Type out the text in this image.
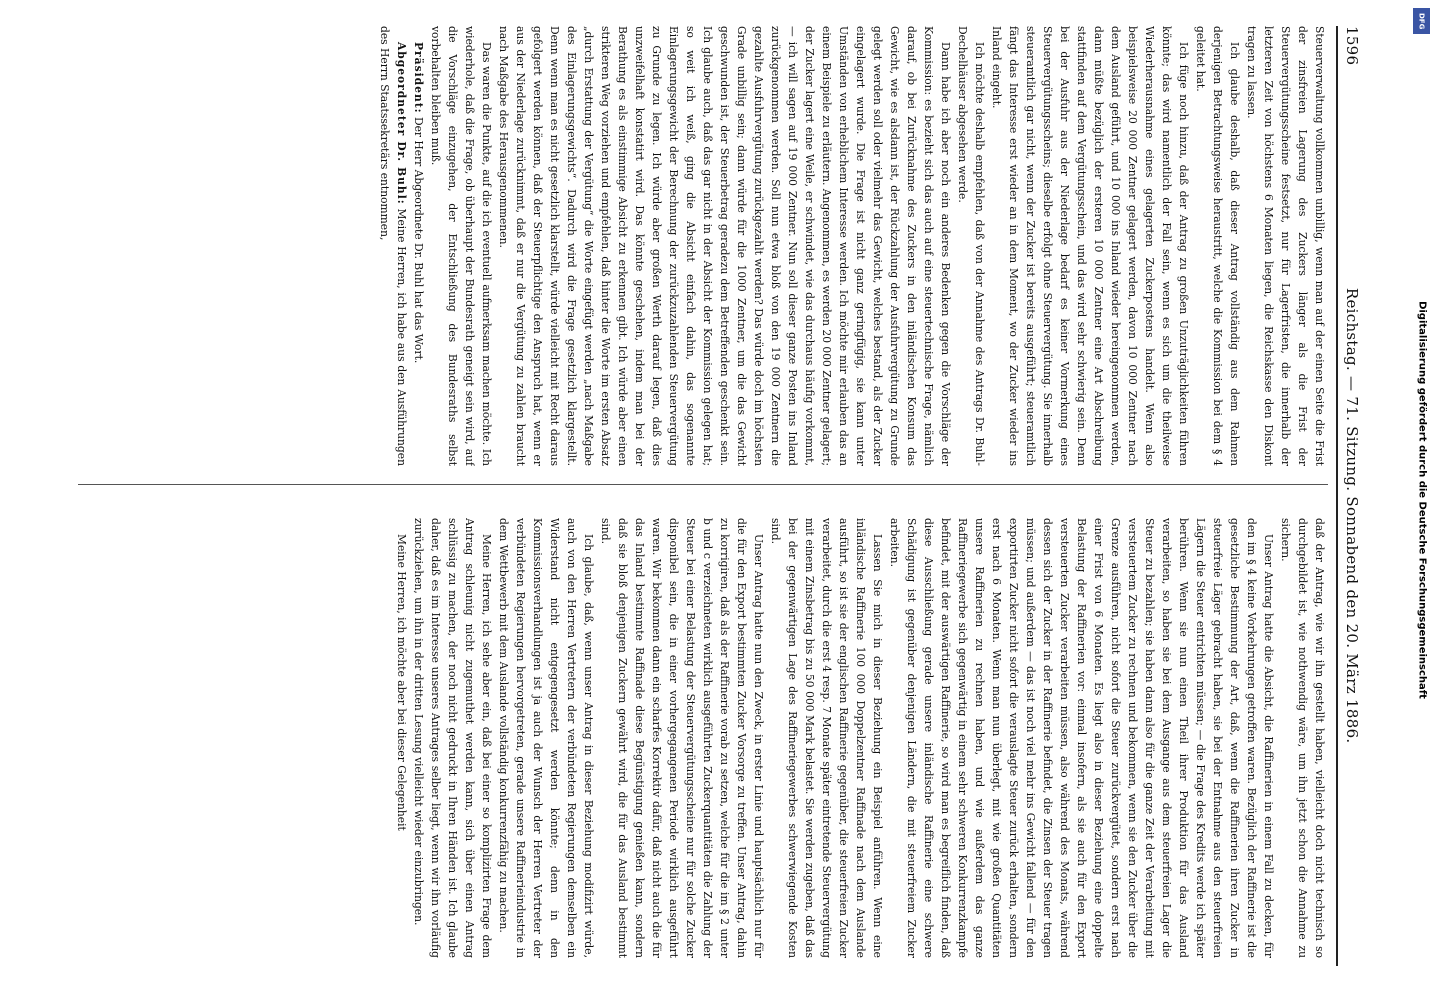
1596
Reichstag. — 71. Sitzung. Sonnabend den 20. März 1886.

Steuerverwaltung vollkommen unbillig, wenn man auf der einen Seite die Frist der zinsfreien Lagerung des Zuckers länger als die Frist der Steuervergütungsscheine festsetzt, nur für Lagerfristen, die innerhalb der letzteren Zeit von höchstens 6 Monaten liegen, die Reichskasse den Diskont tragen zu lassen.

Ich glaube deshalb, daß dieser Antrag vollständig aus dem Rahmen derjenigen Betrachtungsweise heraustritt, welche die Kommission bei dem § 4 geleitet hat.

Ich füge noch hinzu, daß der Antrag zu großen Unzuträglichkeiten führen könnte; das wird namentlich der Fall sein, wenn es sich um die theilweise Wiederherausnahme eines gelagerten Zuckerpostens handelt. Wenn also beispielsweise 20 000 Zentner gelagert werden, davon 10 000 Zentner nach dem Ausland geführt, und 10 000 ins Inland wieder hereingenommen werden, dann müßte bezüglich der ersteren 10 000 Zentner eine Art Abschreibung stattfinden auf dem Vergütungsschein, und das wird sehr schwierig sein. Denn bei der Ausfuhr aus der Niederlage bedarf es keiner Vormerkung eines Steuervergütungsscheins; dieselbe erfolgt ohne Steuervergütung. Sie innerhalb steueramtlich gar nicht, wenn der Zucker ist bereits ausgeführt; steueramtlich fängt das Interesse erst wieder an in dem Moment, wo der Zucker wieder ins Inland eingeht.

Ich möchte deshalb empfehlen, daß von der Annahme des Antrags Dr. Buhl-Dechelhäuser abgesehen werde.

Dann habe ich aber noch ein anderes Bedenken gegen die Vorschläge der Kommission: es bezieht sich das auch auf eine steuertechnische Frage, nämlich darauf, ob bei Zurücknahme des Zuckers in den inländischen Konsum das Gewicht, wie es alsdann ist, der Rückzahlung der Ausfuhrvergütung zu Grunde gelegt werden soll oder vielmehr das Gewicht, welches bestand, als der Zucker eingelagert wurde. Die Frage ist nicht ganz geringfügig, sie kann unter Umständen von erheblichem Interesse werden. Ich möchte mir erlauben das an einem Beispiele zu erläutern. Angenommen, es werden 20 000 Zentner gelagert; der Zucker lagert eine Weile, er schwindet, wie das durchaus häufig vorkommt, — ich will sagen auf 19 000 Zentner. Nun soll dieser ganze Posten ins Inland zurückgenommen werden. Soll nun etwa bloß von den 19 000 Zentnern die gezahlte Ausfuhrvergütung zurückgezahlt werden? Das würde doch im höchsten Grade unbillig sein; dann würde für die 1000 Zentner, um die das Gewicht geschwunden ist, der Steuerbetrag geradezu dem Betreffenden geschenkt sein. Ich glaube auch, daß das gar nicht in der Absicht der Kommission gelegen hat; so weit ich weiß, ging die Absicht einfach dahin, das sogenannte Einlagerungsgewicht der Berechnung der zurückzuzahlenden Steuervergütung zu Grunde zu legen. Ich würde aber großen Werth darauf legen, daß dies unzweifelhaft konstatirt wird. Das könnte geschehen, indem man bei der Berathung es als einstimmige Absicht zu erkennen gibt. Ich würde aber einen strikteren Weg vorziehen und empfehlen, daß hinter die Worte im ersten Absatz „durch Erstattung der Vergütung“ die Worte eingefügt werden „nach Maßgabe des Einlagerungsgewichts“. Dadurch wird die Frage gesetzlich klargestellt. Denn wenn man es nicht gesetzlich klarstellt, würde vielleicht mit Recht daraus gefolgert werden können, daß der Steuerpflichtige den Anspruch hat, wenn er aus der Niederlage zurücknimmt, daß er nur die Vergütung zu zahlen braucht nach Maßgabe des Herausgenommenen.

Das waren die Punkte, auf die ich eventuell aufmerksam machen möchte. Ich wiederhole, daß die Frage, ob überhaupt der Bundesrath geneigt sein wird, auf die Vorschläge einzugehen, der Entschließung des Bundesraths selbst vorbehalten bleiben muß.

Präsident: Der Herr Abgeordnete Dr. Buhl hat das Wort.

Abgeordneter Dr. Buhl: Meine Herren, ich habe aus den Ausführungen des Herrn Staatssekretärs entnommen,

daß der Antrag, wie wir ihn gestellt haben, vielleicht doch nicht technisch so durchgebildet ist, wie nothwendig wäre, um ihn jetzt schon die Annahme zu sichern.

Unser Antrag hatte die Absicht, die Raffinerien in einem Fall zu decken, für den im § 4 keine Vorkehrungen getroffen waren. Bezüglich der Raffinerie ist die gesetzliche Bestimmung der Art, daß, wenn die Raffinerien ihren Zucker in steuerfreie Läger gebracht haben, sie bei der Entnahme aus den steuerfreien Lägern die Steuer entrichten müssen; — die Frage des Kredits werde ich später berühren. Wenn sie nun einen Theil ihrer Produktion für das Ausland verarbeiten, so haben sie bei dem Ausgange aus dem steuerfreien Lager die Steuer zu bezahlen; sie haben dann also für die ganze Zeit der Verarbeitung mit versteuertem Zucker zu rechnen und bekommen, wenn sie den Zucker über die Grenze ausführen, nicht sofort die Steuer zurückvergütet, sondern erst nach einer Frist von 6 Monaten. Es liegt also in dieser Beziehung eine doppelte Belastung der Raffinerien vor: einmal insofern, als sie auch für den Export versteuerten Zucker verarbeiten müssen, also während des Monats, während dessen sich der Zucker in der Raffinerie befindet, die Zinsen der Steuer tragen müssen; und außerdem — das ist noch viel mehr ins Gewicht fallend — für den exportirten Zucker nicht sofort die verauslagte Steuer zurück erhalten, sondern erst nach 6 Monaten. Wenn man nun überlegt, mit wie großen Quantitäten unsere Raffinerien zu rechnen haben, und wie außerdem das ganze Raffineriegewerbe sich gegenwärtig in einem sehr schweren Konkurrenzkampfe befindet, mit der auswärtigen Raffinerie, so wird man es begreiflich finden, daß diese Ausschließung gerade unsere inländische Raffinerie eine schwere Schädigung ist gegenüber denjenigen Ländern, die mit steuerfreiem Zucker arbeiten.

Lassen Sie mich in dieser Beziehung ein Beispiel anführen. Wenn eine inländische Raffinerie 100 000 Doppelzentner Raffinade nach dem Auslande ausführt, so ist sie der englischen Raffinerie gegenüber, die steuerfreien Zucker verarbeitet, durch die erst 4 resp. 7 Monate später eintretende Steuervergütung mit einem Zinsbetrag bis zu 50 000 Mark belastet. Sie werden zugeben, daß das bei der gegenwärtigen Lage des Raffineriegewerbes schwerwiegende Kosten sind.

Unser Antrag hatte nun den Zweck, in erster Linie und hauptsächlich nur für die für den Export bestimmten Zucker Vorsorge zu treffen. Unser Antrag, dahin zu korrigiren, daß als der Raffinerie vorab zu setzen, welche für die im § 2 unter b und c verzeichneten wirklich ausgeführten Zuckerquantitäten die Zahlung der Steuer bei einer Belastung der Steuervergütungsscheine nur für solche Zucker disponibel sein, die in einer vorhergegangenen Periode wirklich ausgeführt waren. Wir bekommen dann ein scharfes Korrektiv dafür, daß nicht auch die für das Inland bestimmte Raffinade diese Begünstigung genießen kann, sondern daß sie bloß denjenigen Zuckern gewährt wird, die für das Ausland bestimmt sind.

Ich glaube, daß, wenn unser Antrag in dieser Beziehung modifizirt würde, auch von den Herren Vertretern der verbündeten Regierungen demselben ein Widerstand nicht entgegengesetzt werden könnte; denn in den Kommissionsverhandlungen ist ja auch der Wunsch der Herren Vertreter der verbündeten Regierungen hervorgetreten, gerade unsere Raffinerieindustrie in dem Wettbewerb mit dem Auslande vollständig konkurrenzfähig zu machen.

Meine Herren, ich sehe aber ein, daß bei einer so komplizirten Frage dem Antrag schleunig nicht zugemuthet werden kann, sich über einen Antrag schlüssig zu machen, der noch nicht gedruckt in Ihren Händen ist. Ich glaube daher, daß es im Interesse unseres Antrages selber liegt, wenn wir ihn vorläufig zurückziehen, um ihn in der dritten Lesung vielleicht wieder einzubringen.

Meine Herren, ich möchte aber bei dieser Gelegenheit

DFG
Digitalisierung gefördert durch die Deutsche Forschungsgemeinschaft
